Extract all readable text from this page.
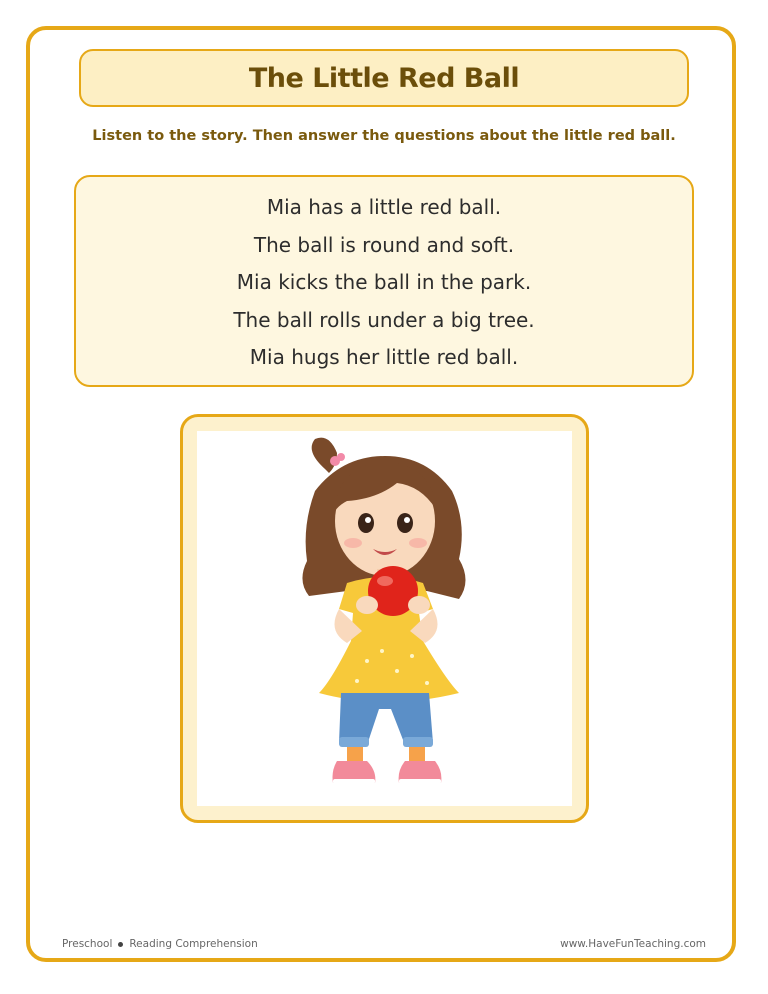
The Little Red Ball
Listen to the story. Then answer the questions about the little red ball.
Mia has a little red ball.
The ball is round and soft.
Mia kicks the ball in the park.
The ball rolls under a big tree.
Mia hugs her little red ball.
Preschool Reading Comprehension	www.HaveFunTeaching.com
